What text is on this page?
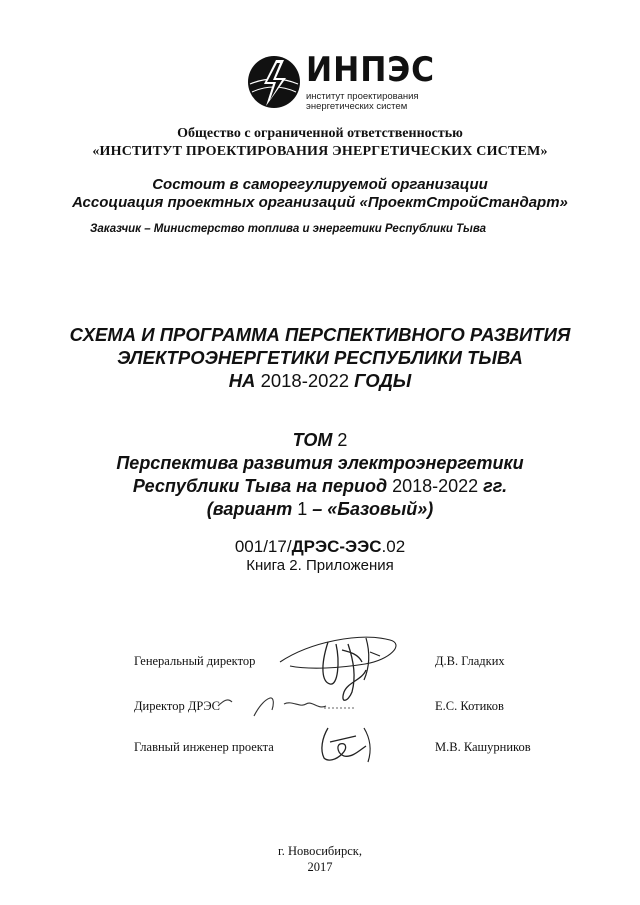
ИНПЭС
институт проектирования
энергетических систем
Общество с ограниченной ответственностью
«ИНСТИТУТ ПРОЕКТИРОВАНИЯ ЭНЕРГЕТИЧЕСКИХ СИСТЕМ»
Состоит в саморегулируемой организации
Ассоциация проектных организаций «ПроектСтройСтандарт»
Заказчик – Министерство топлива и энергетики Республики Тыва
СХЕМА И ПРОГРАММА ПЕРСПЕКТИВНОГО РАЗВИТИЯ
ЭЛЕКТРОЭНЕРГЕТИКИ РЕСПУБЛИКИ ТЫВА
НА 2018-2022 ГОДЫ
ТОМ 2
Перспектива развития электроэнергетики
Республики Тыва на период 2018-2022 гг.
(вариант 1 – «Базовый»)
001/17/ДРЭС-ЭЭС.02
Книга 2. Приложения
Генеральный директор	Д.В. Гладких
Директор ДРЭС	Е.С. Котиков
Главный инженер проекта	М.В. Кашурников
г. Новосибирск,
2017
